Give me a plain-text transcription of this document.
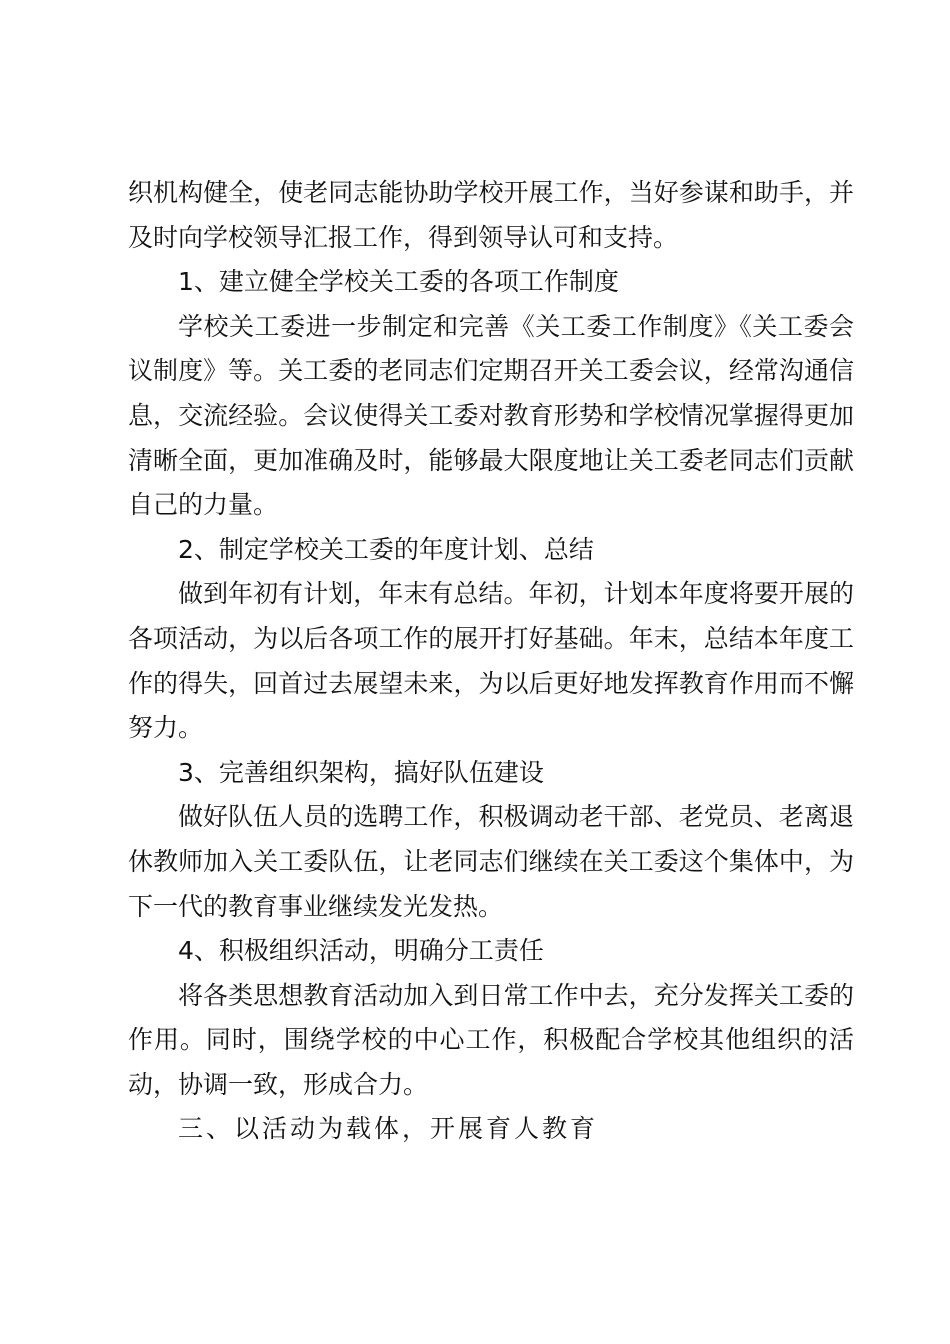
织机构健全，使老同志能协助学校开展工作，当好参谋和助手，并及时向学校领导汇报工作，得到领导认可和支持。

1、建立健全学校关工委的各项工作制度

学校关工委进一步制定和完善《关工委工作制度》《关工委会议制度》等。关工委的老同志们定期召开关工委会议，经常沟通信息，交流经验。会议使得关工委对教育形势和学校情况掌握得更加清晰全面，更加准确及时，能够最大限度地让关工委老同志们贡献自己的力量。

2、制定学校关工委的年度计划、总结

做到年初有计划，年末有总结。年初，计划本年度将要开展的各项活动，为以后各项工作的展开打好基础。年末，总结本年度工作的得失，回首过去展望未来，为以后更好地发挥教育作用而不懈努力。

3、完善组织架构，搞好队伍建设

做好队伍人员的选聘工作，积极调动老干部、老党员、老离退休教师加入关工委队伍，让老同志们继续在关工委这个集体中，为下一代的教育事业继续发光发热。

4、积极组织活动，明确分工责任

将各类思想教育活动加入到日常工作中去，充分发挥关工委的作用。同时，围绕学校的中心工作，积极配合学校其他组织的活动，协调一致，形成合力。

三、以活动为载体，开展育人教育
